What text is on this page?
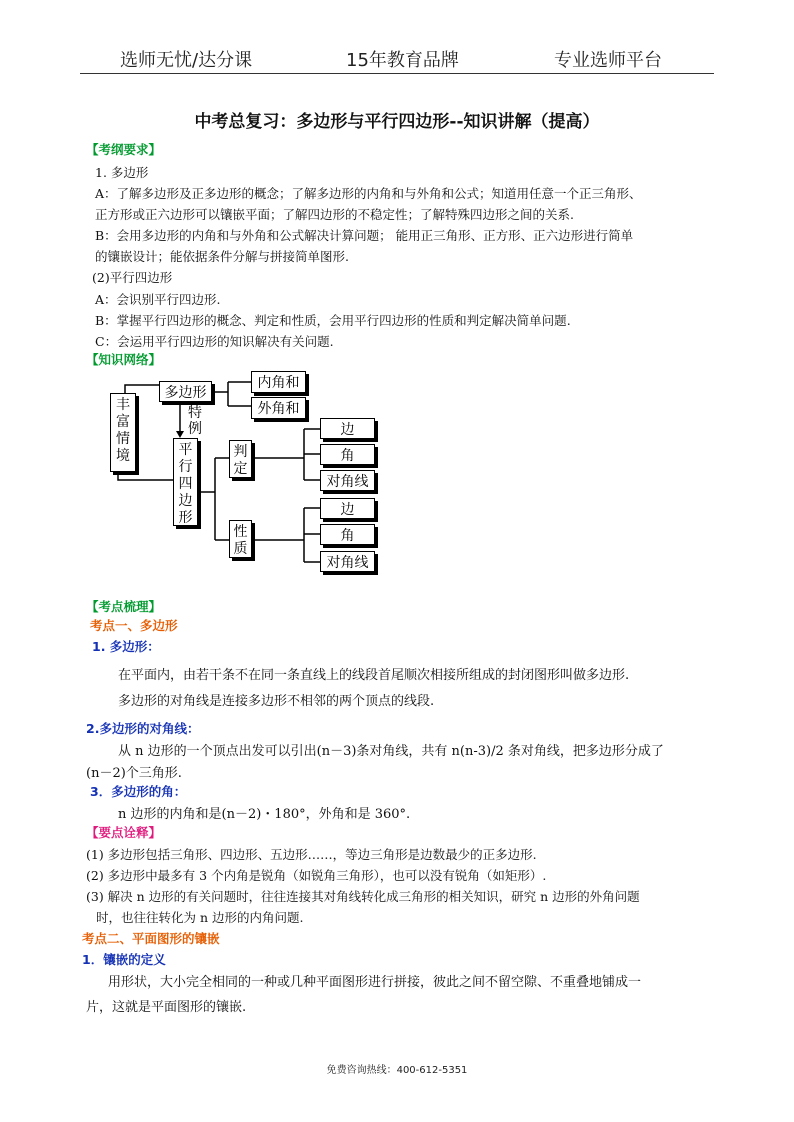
选师无忧/达分课	15年教育品牌	专业选师平台
中考总复习：多边形与平行四边形--知识讲解（提高）
【考纲要求】
1. 多边形
A：了解多边形及正多边形的概念；了解多边形的内角和与外角和公式；知道用任意一个正三角形、
正方形或正六边形可以镶嵌平面；了解四边形的不稳定性；了解特殊四边形之间的关系.
B：会用多边形的内角和与外角和公式解决计算问题； 能用正三角形、正方形、正六边形进行简单
的镶嵌设计；能依据条件分解与拼接简单图形.
(2)平行四边形
A：会识别平行四边形.
B：掌握平行四边形的概念、判定和性质，会用平行四边形的性质和判定解决简单问题.
C：会运用平行四边形的知识解决有关问题.
【知识网络】
丰富情境
多边形
内角和
外角和
特例
平行四边形
判定
性质
边
角
对角线
边
角
对角线
【考点梳理】
考点一、多边形
1. 多边形：
在平面内，由若干条不在同一条直线上的线段首尾顺次相接所组成的封闭图形叫做多边形.
多边形的对角线是连接多边形不相邻的两个顶点的线段.
2.多边形的对角线：
从 n 边形的一个顶点出发可以引出(n－3)条对角线，共有 n(n-3)/2 条对角线，把多边形分成了
(n－2)个三角形.
3．多边形的角：
n 边形的内角和是(n－2)・180°，外角和是 360°.
【要点诠释】
(1) 多边形包括三角形、四边形、五边形……，等边三角形是边数最少的正多边形.
(2) 多边形中最多有 3 个内角是锐角（如锐角三角形），也可以没有锐角（如矩形）.
(3) 解决 n 边形的有关问题时，往往连接其对角线转化成三角形的相关知识，研究 n 边形的外角问题
时，也往往转化为 n 边形的内角问题.
考点二、平面图形的镶嵌
1．镶嵌的定义
用形状，大小完全相同的一种或几种平面图形进行拼接，彼此之间不留空隙、不重叠地铺成一
片，这就是平面图形的镶嵌.
免费咨询热线：400-612-5351
